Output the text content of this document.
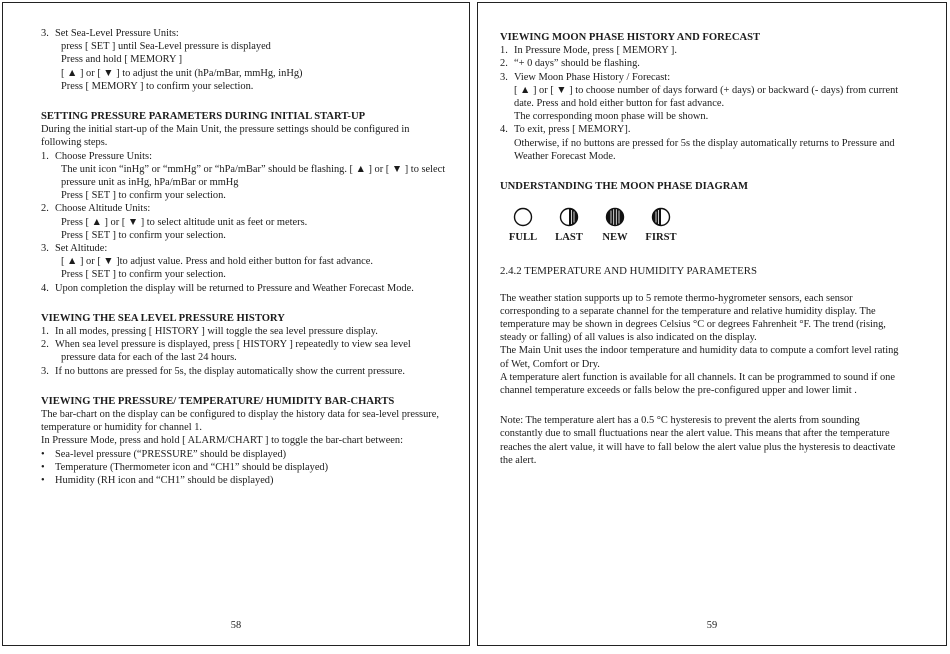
3. Set Sea-Level Pressure Units:
press [ SET ] until Sea-Level pressure is displayed
Press and hold [ MEMORY ]
[ ▲ ] or [ ▼ ] to adjust the unit (hPa/mBar, mmHg, inHg)
Press [ MEMORY ] to confirm your selection.
SETTING PRESSURE PARAMETERS DURING INITIAL START-UP
During the initial start-up of the Main Unit, the pressure settings should be configured in
following steps.
1. Choose Pressure Units:
The unit icon “inHg” or “mmHg” or “hPa/mBar” should be flashing. [ ▲ ] or [ ▼ ] to select
pressure unit as inHg, hPa/mBar or mmHg
Press [ SET ] to confirm your selection.
2. Choose Altitude Units:
Press [ ▲ ] or [ ▼ ] to select altitude unit as feet or meters.
Press [ SET ] to confirm your selection.
3. Set Altitude:
[ ▲ ] or [ ▼ ]to adjust value. Press and hold either button for fast advance.
Press [ SET ] to confirm your selection.
4. Upon completion the display will be returned to Pressure and Weather Forecast Mode.
VIEWING THE SEA LEVEL PRESSURE HISTORY
1. In all modes, pressing [ HISTORY ] will toggle the sea level pressure display.
2. When sea level pressure is displayed, press [ HISTORY ] repeatedly to view sea level
pressure data for each of the last 24 hours.
3. If no buttons are pressed for 5s, the display automatically show the current pressure.
VIEWING THE PRESSURE/ TEMPERATURE/ HUMIDITY BAR-CHARTS
The bar-chart on the display can be configured to display the history data for sea-level pressure,
temperature or humidity for channel 1.
In Pressure Mode, press and hold [ ALARM/CHART ] to toggle the bar-chart between:
• Sea-level pressure (“PRESSURE” should be displayed)
• Temperature (Thermometer icon and “CH1” should be displayed)
• Humidity (RH icon and “CH1” should be displayed)
58
VIEWING MOON PHASE HISTORY AND FORECAST
1. In Pressure Mode, press [ MEMORY ].
2. “+ 0 days” should be flashing.
3. View Moon Phase History / Forecast:
[ ▲ ] or [ ▼ ] to choose number of days forward (+ days) or backward (- days) from current
date. Press and hold either button for fast advance.
The corresponding moon phase will be shown.
4. To exit, press [ MEMORY].
Otherwise, if no buttons are pressed for 5s the display automatically returns to Pressure and
Weather Forecast Mode.
UNDERSTANDING THE MOON PHASE DIAGRAM
FULL	LAST	NEW	FIRST
2.4.2 TEMPERATURE AND HUMIDITY PARAMETERS
The weather station supports up to 5 remote thermo-hygrometer sensors, each sensor
corresponding to a separate channel for the temperature and relative humidity display. The
temperature may be shown in degrees Celsius °C or degrees Fahrenheit °F. The trend (rising,
steady or falling) of all values is also indicated on the display.
The Main Unit uses the indoor temperature and humidity data to compute a comfort level rating
of Wet, Comfort or Dry.
A temperature alert function is available for all channels. It can be programmed to sound if one
channel temperature exceeds or falls below the pre-configured upper and lower limit .
Note: The temperature alert has a 0.5 °C hysteresis to prevent the alerts from sounding
constantly due to small fluctuations near the alert value. This means that after the temperature
reaches the alert value, it will have to fall below the alert value plus the hysteresis to deactivate
the alert.
59
